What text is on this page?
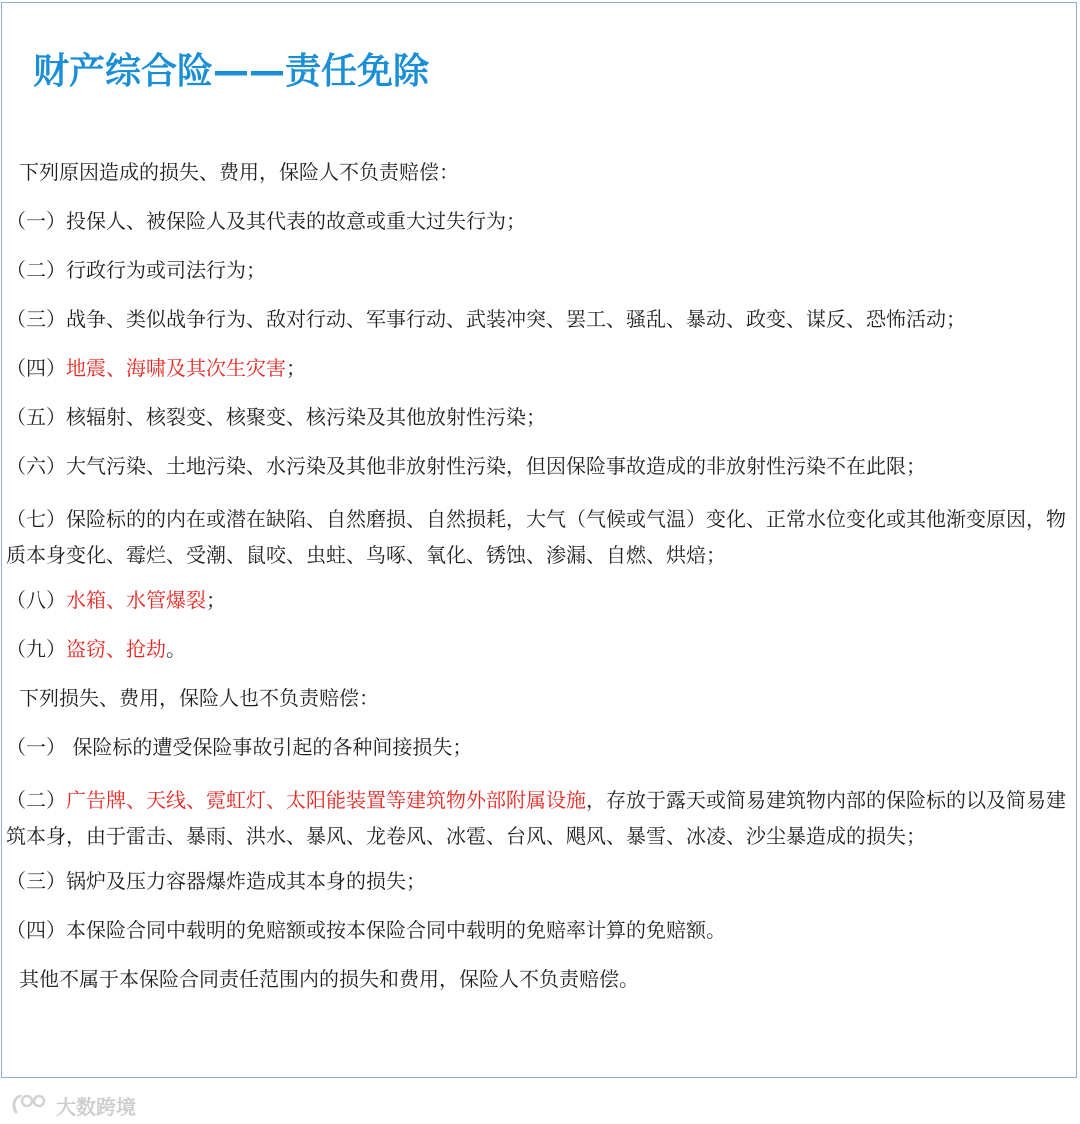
财产综合险——责任免除

下列原因造成的损失、费用，保险人不负责赔偿：

（一）投保人、被保险人及其代表的故意或重大过失行为；

（二）行政行为或司法行为；

（三）战争、类似战争行为、敌对行动、军事行动、武装冲突、罢工、骚乱、暴动、政变、谋反、恐怖活动；

（四）地震、海啸及其次生灾害；

（五）核辐射、核裂变、核聚变、核污染及其他放射性污染；

（六）大气污染、土地污染、水污染及其他非放射性污染，但因保险事故造成的非放射性污染不在此限；

（七）保险标的的内在或潜在缺陷、自然磨损、自然损耗，大气（气候或气温）变化、正常水位变化或其他渐变原因，物质本身变化、霉烂、受潮、鼠咬、虫蛀、鸟啄、氧化、锈蚀、渗漏、自燃、烘焙；

（八）水箱、水管爆裂；

（九）盗窃、抢劫。

下列损失、费用，保险人也不负责赔偿：

（一） 保险标的遭受保险事故引起的各种间接损失；

（二）广告牌、天线、霓虹灯、太阳能装置等建筑物外部附属设施，存放于露天或简易建筑物内部的保险标的以及简易建筑本身，由于雷击、暴雨、洪水、暴风、龙卷风、冰雹、台风、飓风、暴雪、冰凌、沙尘暴造成的损失；

（三）锅炉及压力容器爆炸造成其本身的损失；

（四）本保险合同中载明的免赔额或按本保险合同中载明的免赔率计算的免赔额。

其他不属于本保险合同责任范围内的损失和费用，保险人不负责赔偿。

大数跨境
